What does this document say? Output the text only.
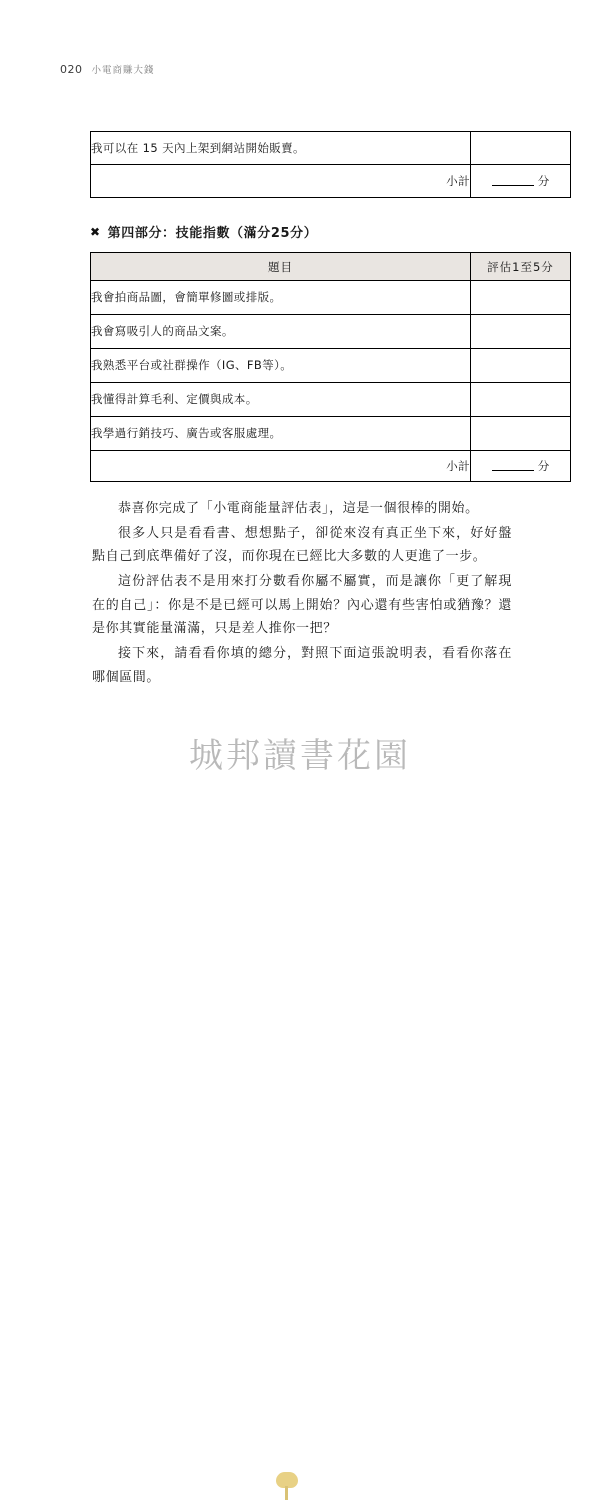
020 小電商賺大錢
我可以在 15 天內上架到網站開始販賣。	
小計	分
✖ 第四部分：技能指數（滿分25分）
題目	評估1至5分
我會拍商品圖，會簡單修圖或排版。	
我會寫吸引人的商品文案。	
我熟悉平台或社群操作（IG、FB等）。	
我懂得計算毛利、定價與成本。	
我學過行銷技巧、廣告或客服處理。	
小計	分

恭喜你完成了「小電商能量評估表」，這是一個很棒的開始。

很多人只是看看書、想想點子，卻從來沒有真正坐下來，好好盤點自己到底準備好了沒，而你現在已經比大多數的人更進了一步。

這份評估表不是用來打分數看你屬不屬實，而是讓你「更了解現在的自己」：你是不是已經可以馬上開始？內心還有些害怕或猶豫？還是你其實能量滿滿，只是差人推你一把？

接下來，請看看你填的總分，對照下面這張說明表，看看你落在哪個區間。

城邦讀書花園
